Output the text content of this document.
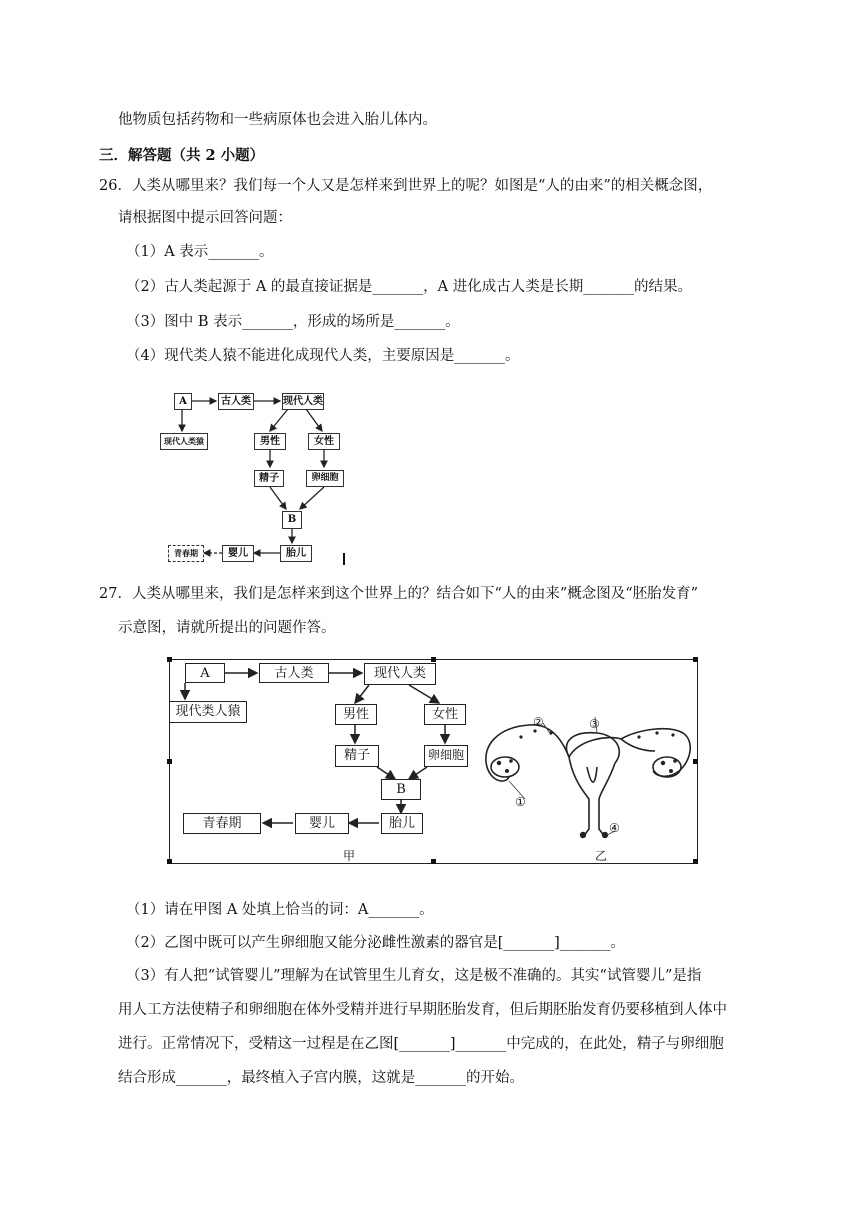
他物质包括药物和一些病原体也会进入胎儿体内。
三．解答题（共 2 小题）
26．人类从哪里来？我们每一个人又是怎样来到世界上的呢？如图是“人的由来”的相关概念图，
请根据图中提示回答问题：
（1）A 表示_______。
（2）古人类起源于 A 的最直接证据是_______，A 进化成古人类是长期_______的结果。
（3）图中 B 表示_______，形成的场所是_______。
（4）现代类人猿不能进化成现代人类，主要原因是_______。
A	古人类	现代人类
现代人类猿	男性	女性
精子	卵细胞
B
胎儿
婴儿
青春期
27．人类从哪里来，我们是怎样来到这个世界上的？结合如下“人的由来”概念图及“胚胎发育”
示意图，请就所提出的问题作答。
A	古人类	现代人类
现代类人猿	男性	女性
精子	卵细胞
B
胎儿
婴儿
青春期
②	③
①
④
甲	乙
（1）请在甲图 A 处填上恰当的词：A_______。
（2）乙图中既可以产生卵细胞又能分泌雌性激素的器官是[_______]_______。
（3）有人把“试管婴儿”理解为在试管里生儿育女，这是极不准确的。其实“试管婴儿”是指
用人工方法使精子和卵细胞在体外受精并进行早期胚胎发育，但后期胚胎发育仍要移植到人体中
进行。正常情况下，受精这一过程是在乙图[_______]_______中完成的，在此处，精子与卵细胞
结合形成_______，最终植入子宫内膜，这就是_______的开始。
